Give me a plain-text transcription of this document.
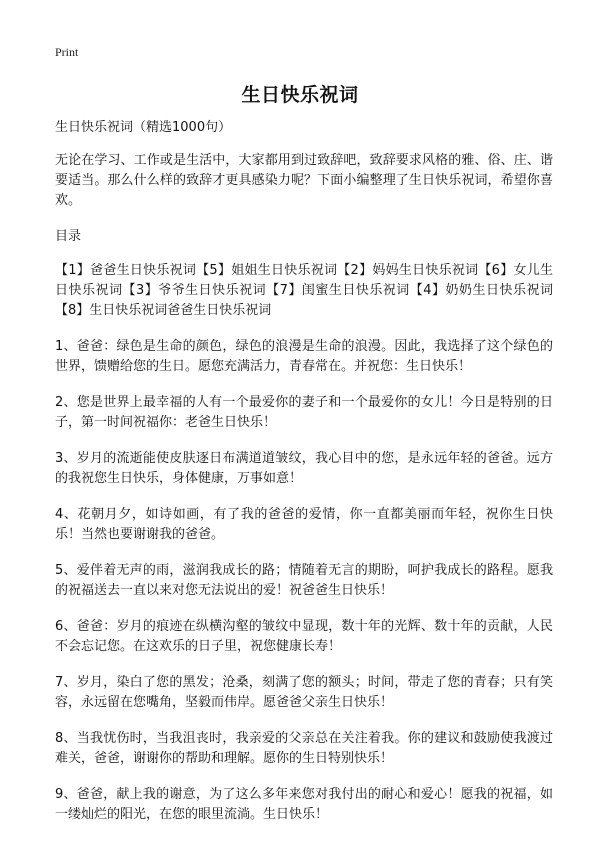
Print
生日快乐祝词

生日快乐祝词（精选1000句）

无论在学习、工作或是生活中，大家都用到过致辞吧，致辞要求风格的雅、俗、庄、谐要适当。那么什么样的致辞才更具感染力呢？下面小编整理了生日快乐祝词，希望你喜欢。

目录

【1】爸爸生日快乐祝词【5】姐姐生日快乐祝词【2】妈妈生日快乐祝词【6】女儿生日快乐祝词【3】爷爷生日快乐祝词【7】闺蜜生日快乐祝词【4】奶奶生日快乐祝词【8】生日快乐祝词爸爸生日快乐祝词

1、爸爸：绿色是生命的颜色，绿色的浪漫是生命的浪漫。因此，我选择了这个绿色的世界，馈赠给您的生日。愿您充满活力，青春常在。并祝您：生日快乐！

2、您是世界上最幸福的人有一个最爱你的妻子和一个最爱你的女儿！今日是特别的日子，第一时间祝福你：老爸生日快乐！

3、岁月的流逝能使皮肤逐日布满道道皱纹，我心目中的您，是永远年轻的爸爸。远方的我祝您生日快乐，身体健康，万事如意！

4、花朝月夕，如诗如画，有了我的爸爸的爱情，你一直都美丽而年轻，祝你生日快乐！当然也要谢谢我的爸爸。

5、爱伴着无声的雨，滋润我成长的路；情随着无言的期盼，呵护我成长的路程。愿我的祝福送去一直以来对您无法说出的爱！祝爸爸生日快乐！

6、爸爸：岁月的痕迹在纵横沟壑的皱纹中显现，数十年的光辉、数十年的贡献，人民不会忘记您。在这欢乐的日子里，祝您健康长寿！

7、岁月，染白了您的黑发；沧桑，刻满了您的额头；时间，带走了您的青春；只有笑容，永远留在您嘴角，坚毅而伟岸。愿爸爸父亲生日快乐！

8、当我忧伤时，当我沮丧时，我亲爱的父亲总在关注着我。你的建议和鼓励使我渡过难关，爸爸，谢谢你的帮助和理解。愿你的生日特别快乐！

9、爸爸，献上我的谢意，为了这么多年来您对我付出的耐心和爱心！愿我的祝福，如一缕灿烂的阳光，在您的眼里流淌。生日快乐！
